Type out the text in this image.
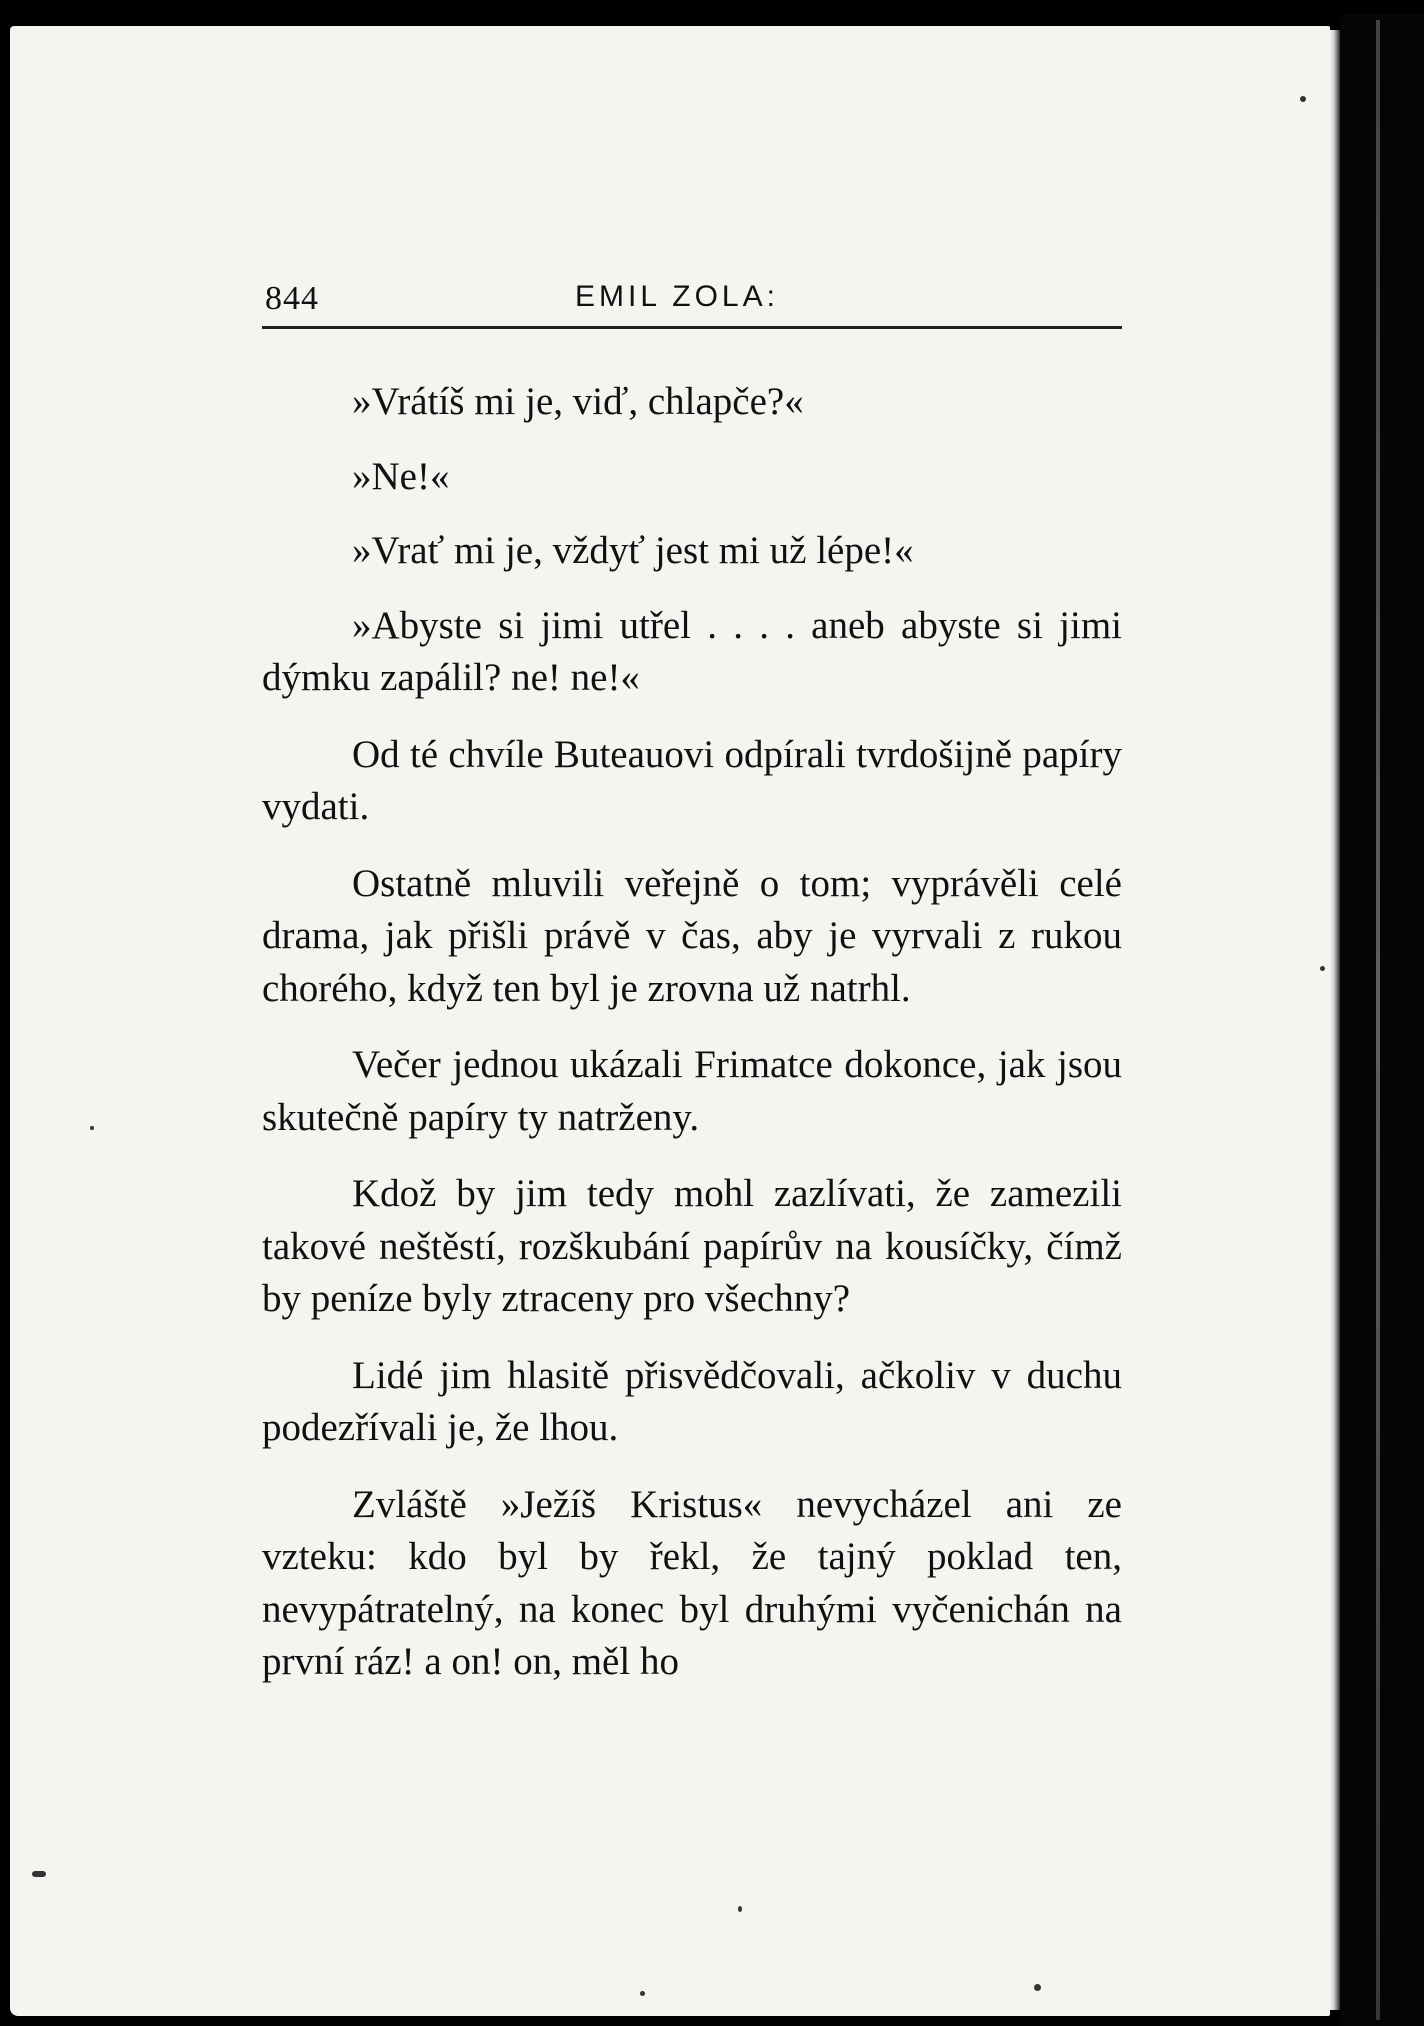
844	EMIL ZOLA:

»Vrátíš mi je, viď, chlapče?«

»Ne!«

»Vrať mi je, vždyť jest mi už lépe!«

»Abyste si jimi utřel . . . . aneb abyste si jimi dýmku zapálil? ne! ne!«

Od té chvíle Buteauovi odpírali tvrdošijně papíry vydati.

Ostatně mluvili veřejně o tom; vyprávěli celé drama, jak přišli právě v čas, aby je vyrvali z rukou chorého, když ten byl je zrovna už natrhl.

Večer jednou ukázali Frimatce dokonce, jak jsou skutečně papíry ty natrženy.

Kdož by jim tedy mohl zazlívati, že zamezili takové neštěstí, rozškubání papírův na kousíčky, čímž by peníze byly ztraceny pro všechny?

Lidé jim hlasitě přisvědčovali, ačkoliv v duchu podezřívali je, že lhou.

Zvláště »Ježíš Kristus« nevycházel ani ze vzteku: kdo byl by řekl, že tajný poklad ten, nevypátratelný, na konec byl druhými vyčenichán na první ráz! a on! on, měl ho
